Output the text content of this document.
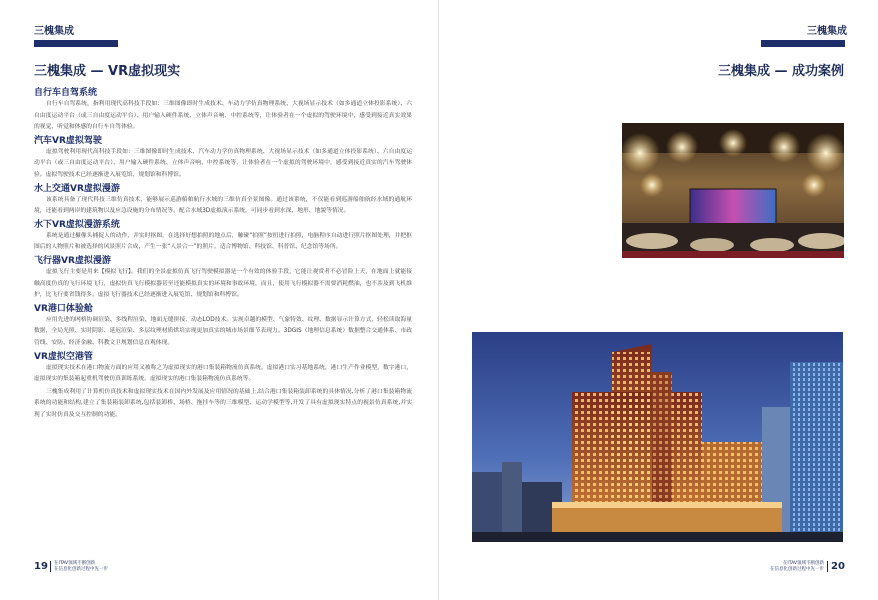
三槐集成
三槐集成 — VR虚拟现实
自行车自驾系统

自行车自驾系统，指利用现代高科技手段如：三维图像即时生成技术、车动力学仿真物理系统、大视场显示技术（如多通道立体投影系统）、六自由度运动平台（或三自由度运动平台）、用户输入硬件系统、立体声音响、中控系统等，让体验者在一个虚拟的驾驶环境中，感受到接近真实效果的视觉、听觉和体感的自行车自驾体验。

汽车VR虚拟驾驶

虚拟驾驶利用现代高科技手段如：三维图像即时生成技术、汽车动力学仿真物理系统、大视场显示技术（如多通道立体投影系统）、六自由度运动平台（或三自由度运动平台）、用户输入硬件系统、立体声音响、中控系统等，让体验者在一个虚拟的驾驶环境中，感受到接近真实的汽车驾驶体验。虚拟驾驶技术已经逐渐进入展览馆、规划馆和科博馆。

水上交通VR虚拟漫游

该系统具备了现代科技三维仿真技术，能够展示巡游船舶航行水域的三维仿真全景图像。通过该系统，不仅能看到巡游船舶航经水域的通航环境，还能看到两岸的建筑物以及应急设施的分布情况等。配合水域3D虚拟演示系统，可同步看到水深、地形、地貌等情况。

水下VR虚拟漫游系统

系统是通过摄像头捕捉人的动作，并实时抠图，在选择好想拍照的地点后，触碰“拍照”按扭进行拍照，电脑程序自动进行照片抠图处理，并把抠图后的人物照片和被选择的风景照片合成，产生一张“人景合一”的照片。适合博物馆、科技馆、科普馆、纪念馆等场所。

飞行器VR虚拟漫游

虚拟飞行主要是用来【模拟飞行】。我们的全景虚拟仿真飞行驾驶模拟器是一个有效的体验手段，它能让观赏者不必冒险上天，在地面上就能接触高度仿真的飞行环境飞行，虚拟仿真飞行模拟器甚至还能模拟真实的环境和事故环境，而且，使用飞行模拟器不需要消耗燃油，也不涉及到飞机维护，比飞行要省钱得多。虚拟飞行器技术已经逐渐进入展览馆、规划馆和科博馆。

VR港口体验舱

应用先进的网格协调渲染、多线程渲染、地面无缝拼接、动态LOD技术。实现卓越的模型、气象特效、纹理、数据显示计算方式，轻松读取海量数据，全局光照、实时阴影、延迟渲染、多层纹理材质烘培实现更加真实的城市场景细节表现力。3DGIS（地理信息系统）数据整合交通体系、市政管线、安防、经济金融、科教文卫规划信息直观体现。

VR虚拟空港管

虚拟现实技术在港口物流方面的应用又被称之为虚拟现实的港口集装箱物流仿真系统，虚拟港口实习基地系统，港口生产作业模型，数字港口，虚拟现实的集装箱起重机驾驶仿真训练系统，虚拟现实的港口集装箱物流仿真系统等。

三槐集成利用了计算机仿真技术和虚拟现实技术在国内外发展及应用情况的基础上,结合港口集装箱装卸系统的具体情况,分析了港口集装箱物流系统的功能和结构,建立了集装箱装卸系统,包括装卸桥、场桥、拖挂车等的三维模型、运动学模型等,开发了具有虚拟现实特点的视景仿真系统,并实现了实时仿真及交互控制的功能。

19 在ITAV领域不断创新
在信息化创新过程中先一步
三槐集成
三槐集成 — 成功案例
20
在ITAV领域不断创新
在信息化创新过程中先一步
